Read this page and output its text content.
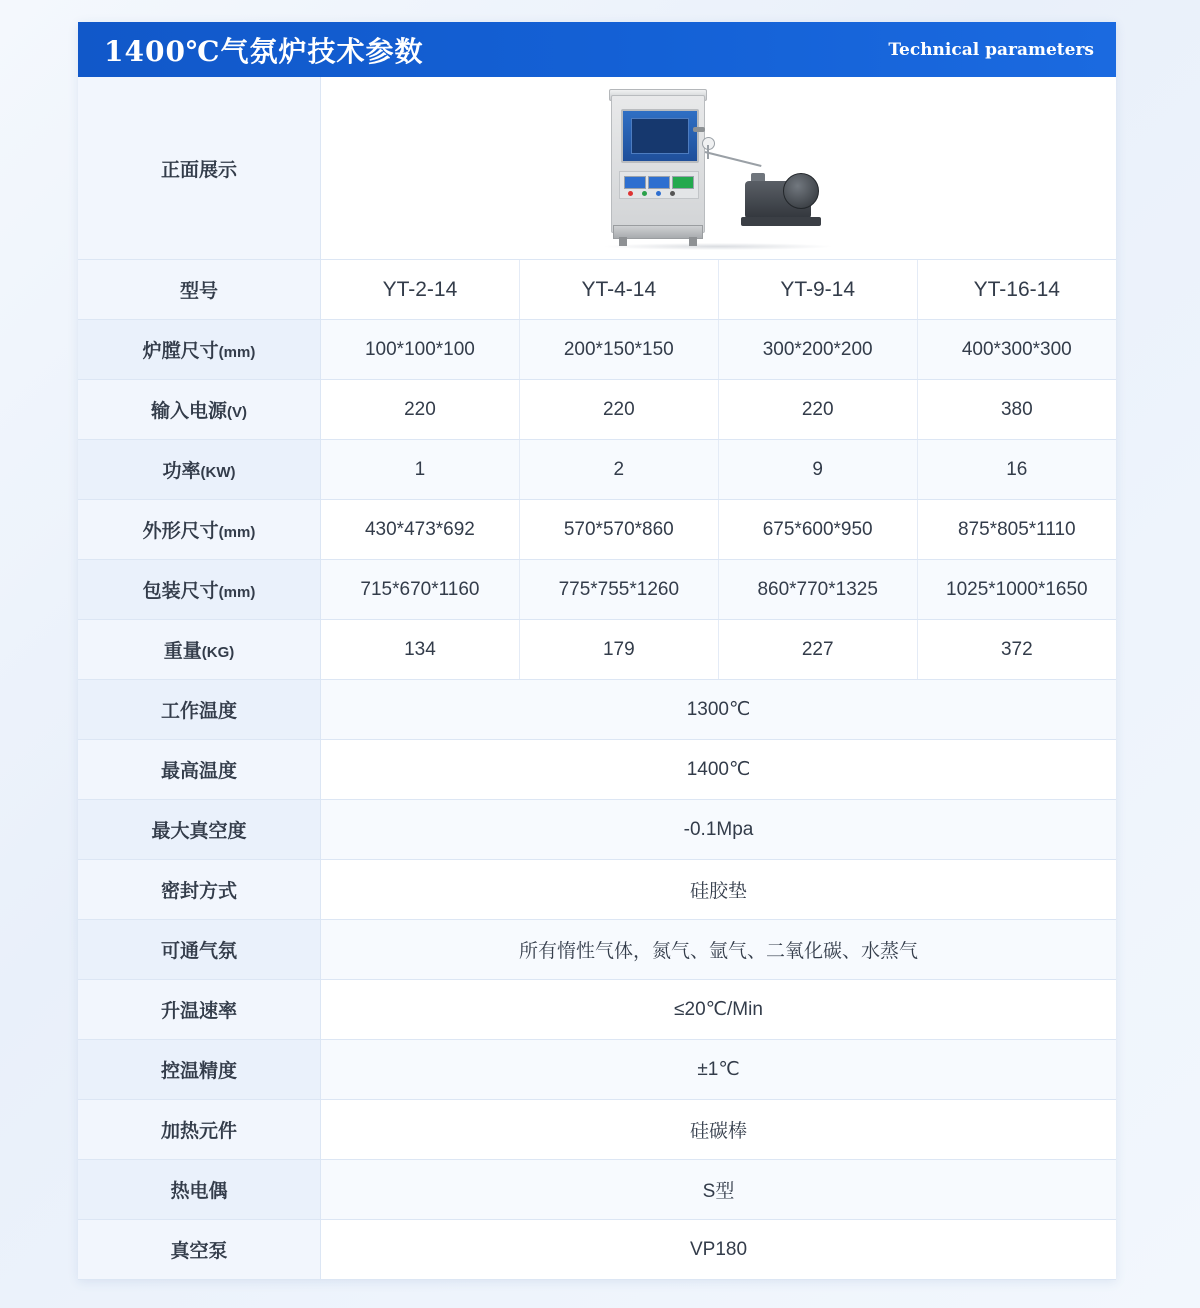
1400℃气氛炉技术参数	Technical parameters
正面展示				

型号	YT-2-14	YT-4-14	YT-9-14	YT-16-14
炉膛尺寸(mm)	100*100*100	200*150*150	300*200*200	400*300*300
输入电源(V)	220	220	220	380
功率(KW)	1	2	9	16
外形尺寸(mm)	430*473*692	570*570*860	675*600*950	875*805*1110
包装尺寸(mm)	715*670*1160	775*755*1260	860*770*1325	1025*1000*1650
重量(KG)	134	179	227	372
工作温度	1300℃			
最高温度	1400℃			
最大真空度	-0.1Mpa			
密封方式	硅胶垫			
可通气氛	所有惰性气体，氮气、氩气、二氧化碳、水蒸气			
升温速率	≤20℃/Min			
控温精度	±1℃			
加热元件	硅碳棒			
热电偶	S型			
真空泵	VP180			
